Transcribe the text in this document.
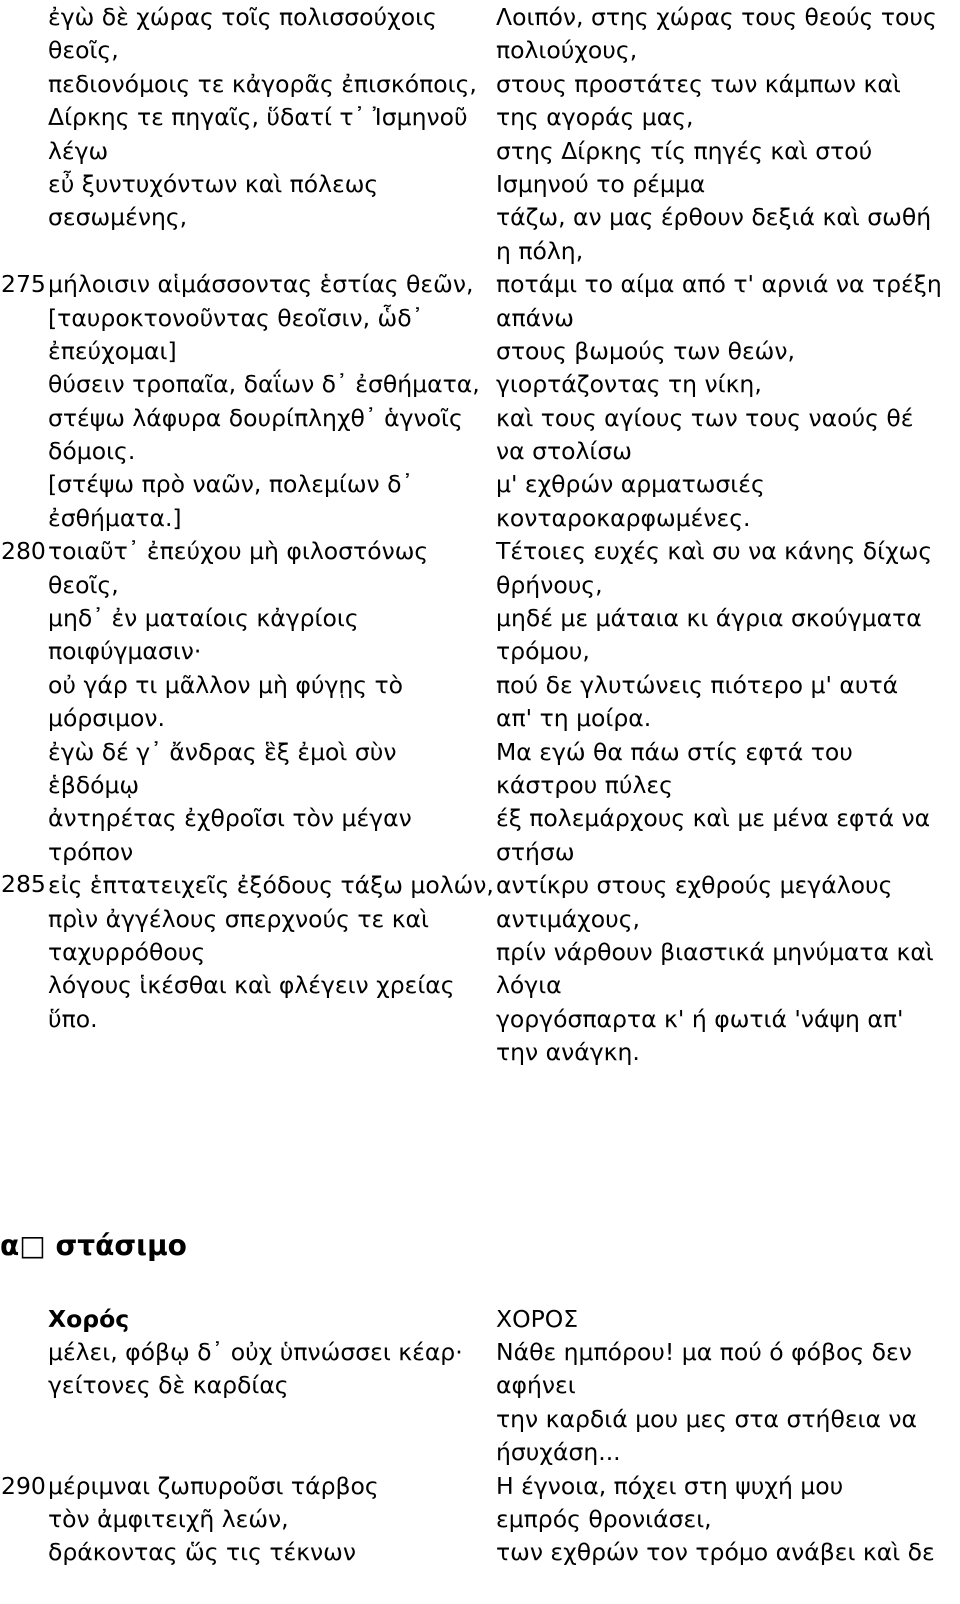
ἐγὼ δὲ χώρας τοῖς πολισσούχοις
θεοῖς,
πεδιονόμοις τε κἀγορᾶς ἐπισκόποις,
Δίρκης τε πηγαῖς, ὕδατί τ᾽ Ἰσμηνοῦ
λέγω
εὖ ξυντυχόντων καὶ πόλεως
σεσωμένης,
μήλοισιν αἱμάσσοντας ἑστίας θεῶν,
[ταυροκτονοῦντας θεοῖσιν, ὧδ᾽
ἐπεύχομαι]
θύσειν τροπαῖα, δαΐων δ᾽ ἐσθήματα,
στέψω λάφυρα δουρίπληχθ᾽ ἁγνοῖς
δόμοις.
[στέψω πρὸ ναῶν, πολεμίων δ᾽
ἐσθήματα.]
τοιαῦτ᾽ ἐπεύχου μὴ φιλοστόνως
θεοῖς,
μηδ᾽ ἐν ματαίοις κἀγρίοις
ποιφύγμασιν·
οὐ γάρ τι μᾶλλον μὴ φύγῃς τὸ
μόρσιμον.
ἐγὼ δέ γ᾽ ἄνδρας ἓξ ἐμοὶ σὺν
ἑβδόμῳ
ἀντηρέτας ἐχθροῖσι τὸν μέγαν
τρόπον
εἰς ἑπτατειχεῖς ἐξόδους τάξω μολών,
πρὶν ἀγγέλους σπερχνούς τε καὶ
ταχυρρόθους
λόγους ἱκέσθαι καὶ φλέγειν χρείας
ὕπο.
Λοιπόν, στης χώρας τους θεούς τους
πολιούχους,
στους προστάτες των κάμπων καὶ
της αγοράς μας,
στης Δίρκης τίς πηγές καὶ στού
Ισμηνού το ρέμμα
τάζω, αν μας έρθουν δεξιά καὶ σωθή
η πόλη,
ποτάμι το αίμα από τ' αρνιά να τρέξη
απάνω
στους βωμούς των θεών,
γιορτάζοντας τη νίκη,
καὶ τους αγίους των τους ναούς θέ
να στολίσω
μ' εχθρών αρματωσιές
κονταροκαρφωμένες.
Τέτοιες ευχές καὶ συ να κάνης δίχως
θρήνους,
μηδέ με μάταια κι άγρια σκούγματα
τρόμου,
πού δε γλυτώνεις πιότερο μ' αυτά
απ' τη μοίρα.
Μα εγώ θα πάω στίς εφτά του
κάστρου πύλες
έξ πολεμάρχους καὶ με μένα εφτά να
στήσω
αντίκρυ στους εχθρούς μεγάλους
αντιμάχους,
πρίν νάρθουν βιαστικά μηνύματα καὶ
λόγια
γοργόσπαρτα κ' ή φωτιά 'νάψη απ'
την ανάγκη.
275
280
285
α□ στάσιμο
Χορός	ΧΟΡΟΣ
μέλει, φόβῳ δ᾽ οὐχ ὑπνώσσει κέαρ·
γείτονες δὲ καρδίας
μέριμναι ζωπυροῦσι τάρβος
τὸν ἀμφιτειχῆ λεών,
δράκοντας ὥς τις τέκνων
Νάθε ημπόρου! μα πού ό φόβος δεν
αφήνει
την καρδιά μου μες στα στήθεια να
ήσυχάση...
Η έγνοια, πόχει στη ψυχή μου
εμπρός θρονιάσει,
των εχθρών τον τρόμο ανάβει καὶ δε
290
